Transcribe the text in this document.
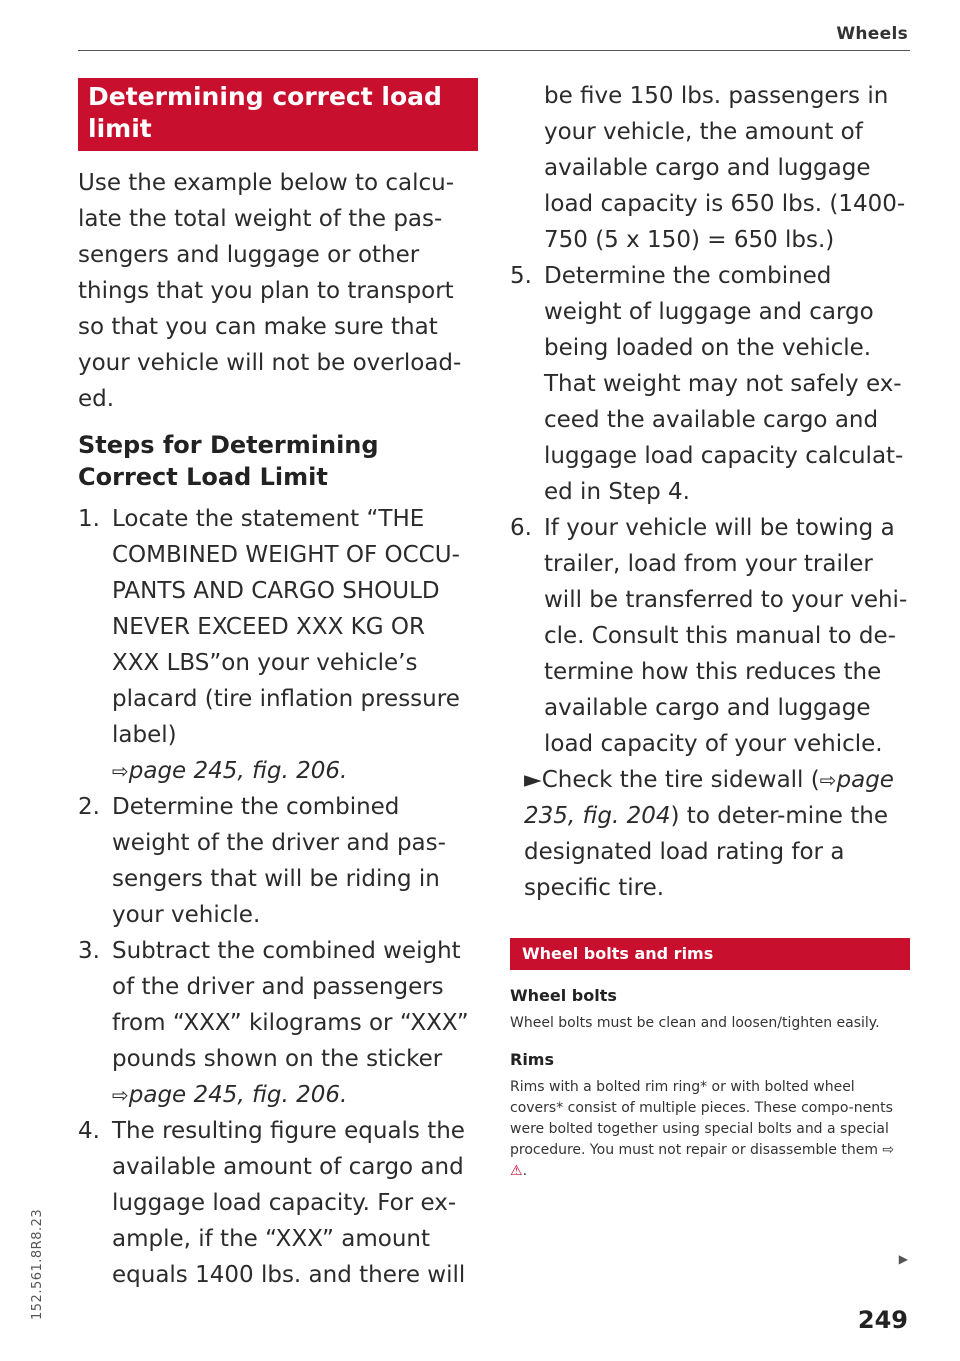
Wheels
152.561.8R8.23
Determining correct load limit

Use the example below to calcu-late the total weight of the pas-sengers and luggage or other things that you plan to transport so that you can make sure that your vehicle will not be overload-ed.

Steps for Determining Correct Load Limit
1. Locate the statement “THE COMBINED WEIGHT OF OCCU-PANTS AND CARGO SHOULD NEVER EXCEED XXX KG OR XXX LBS”on your vehicle’s placard (tire inflation pressure label)
⇨page 245, fig. 206.
2. Determine the combined weight of the driver and pas-sengers that will be riding in your vehicle.
3. Subtract the combined weight of the driver and passengers from “XXX” kilograms or “XXX” pounds shown on the sticker
⇨page 245, fig. 206.
4. The resulting figure equals the available amount of cargo and luggage load capacity. For ex-ample, if the “XXX” amount equals 1400 lbs. and there will
be five 150 lbs. passengers in your vehicle, the amount of available cargo and luggage load capacity is 650 lbs. (1400-750 (5 x 150) = 650 lbs.)
5. Determine the combined weight of luggage and cargo being loaded on the vehicle. That weight may not safely ex-ceed the available cargo and luggage load capacity calculat-ed in Step 4.
6. If your vehicle will be towing a trailer, load from your trailer will be transferred to your vehi-cle. Consult this manual to de-termine how this reduces the available cargo and luggage load capacity of your vehicle.
►Check the tire sidewall (⇨page 235, fig. 204) to deter-mine the designated load rating for a specific tire.
Wheel bolts and rims
Wheel bolts

Wheel bolts must be clean and loosen/tighten easily.

Rims

Rims with a bolted rim ring* or with bolted wheel covers* consist of multiple pieces. These compo-nents were bolted together using special bolts and a special procedure. You must not repair or disassemble them ⇨ ⚠.

▶
249
